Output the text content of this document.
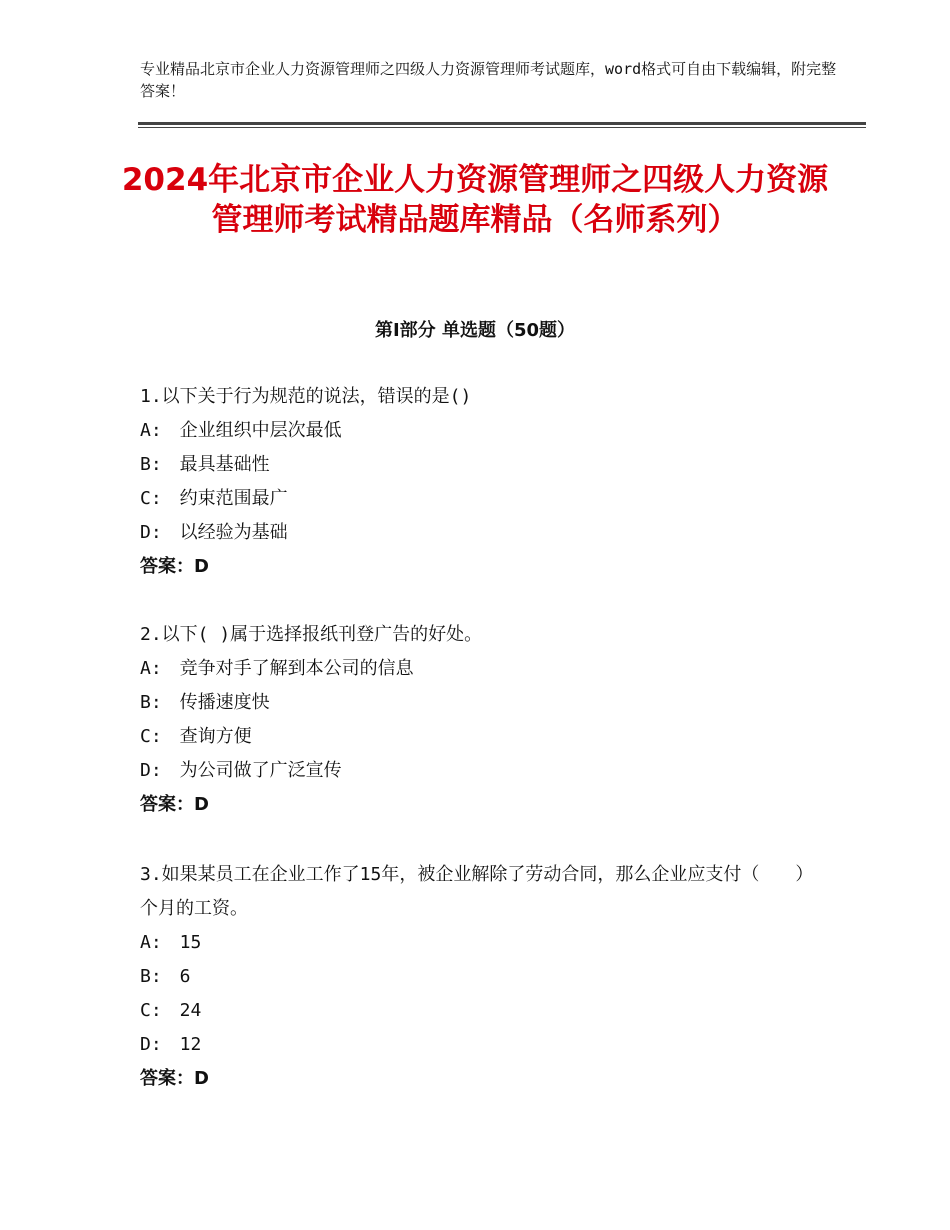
专业精品北京市企业人力资源管理师之四级人力资源管理师考试题库，word格式可自由下载编辑，附完整答案！
2024年北京市企业人力资源管理师之四级人力资源管理师考试精品题库精品（名师系列）
第Ⅰ部分 单选题（50题）
1.以下关于行为规范的说法，错误的是()
A:　企业组织中层次最低
B:　最具基础性
C:　约束范围最广
D:　以经验为基础
答案：D
2.以下( )属于选择报纸刊登广告的好处。
A:　竞争对手了解到本公司的信息
B:　传播速度快
C:　查询方便
D:　为公司做了广泛宣传
答案：D
3.如果某员工在企业工作了15年，被企业解除了劳动合同，那么企业应支付（　　）个月的工资。
A:　15
B:　6
C:　24
D:　12
答案：D
